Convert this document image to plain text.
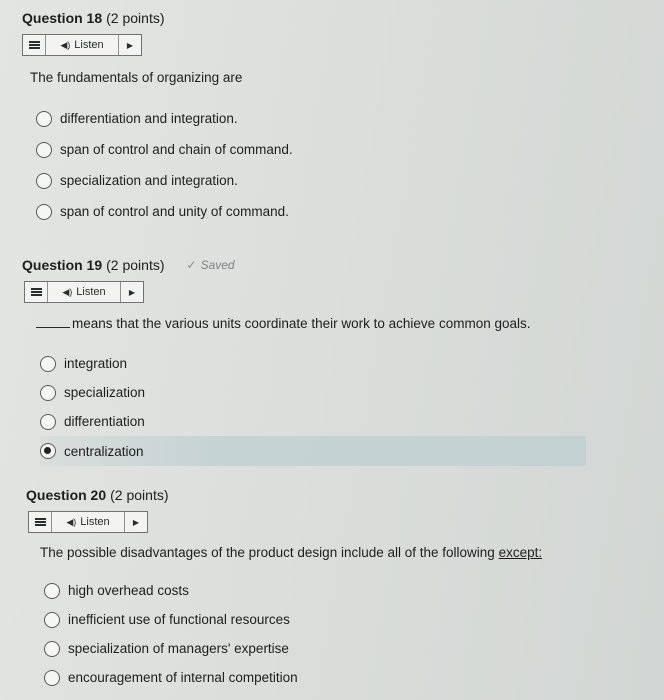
Question 18 (2 points)
◀) Listen	▶
The fundamentals of organizing are
differentiation and integration.
span of control and chain of command.
specialization and integration.
span of control and unity of command.
Question 19 (2 points) ✓ Saved
◀) Listen	▶
means that the various units coordinate their work to achieve common goals.
integration
specialization
differentiation
centralization
Question 20 (2 points)
◀) Listen	▶
The possible disadvantages of the product design include all of the following except:
high overhead costs
inefficient use of functional resources
specialization of managers' expertise
encouragement of internal competition
